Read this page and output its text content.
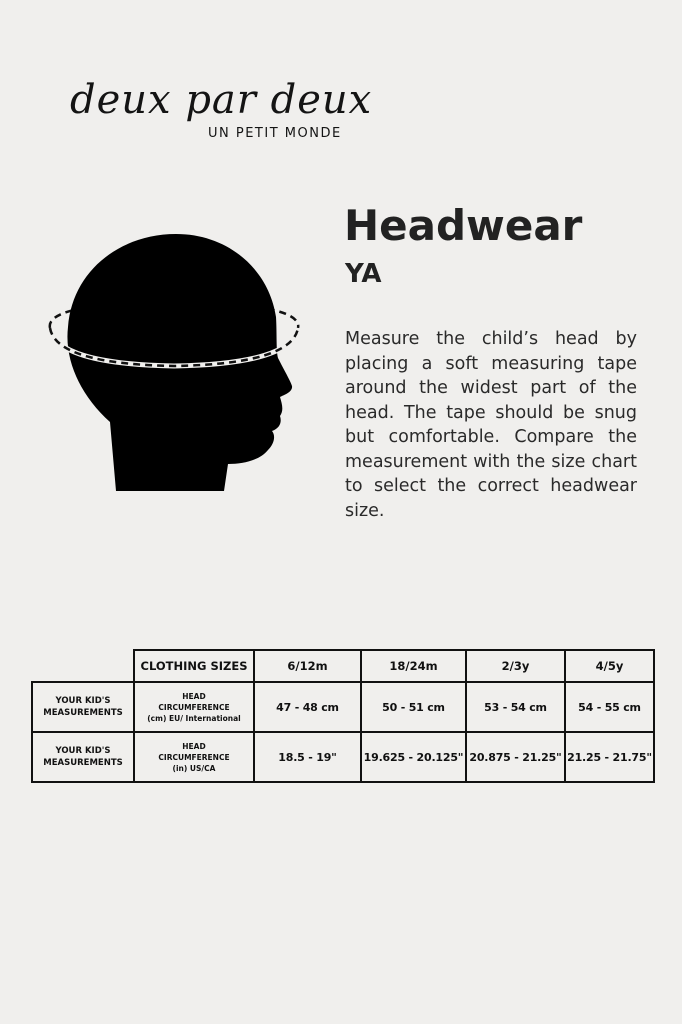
deux par deux
UN PETIT MONDE
Headwear
YA

Measure the child’s head by placing a soft measuring tape around the widest part of the head. The tape should be snug but comfortable. Compare the measurement with the size chart to select the correct headwear size.

	CLOTHING SIZES	6/12m	18/24m	2/3y	4/5y

YOUR KID'S
MEASUREMENTS	HEAD
CIRCUMFERENCE
(cm) EU/ International	47 - 48 cm	50 - 51 cm	53 - 54 cm	54 - 55 cm

YOUR KID'S
MEASUREMENTS	HEAD
CIRCUMFERENCE
(in) US/CA	18.5 - 19"	19.625 - 20.125"	20.875 - 21.25"	21.25 - 21.75"
